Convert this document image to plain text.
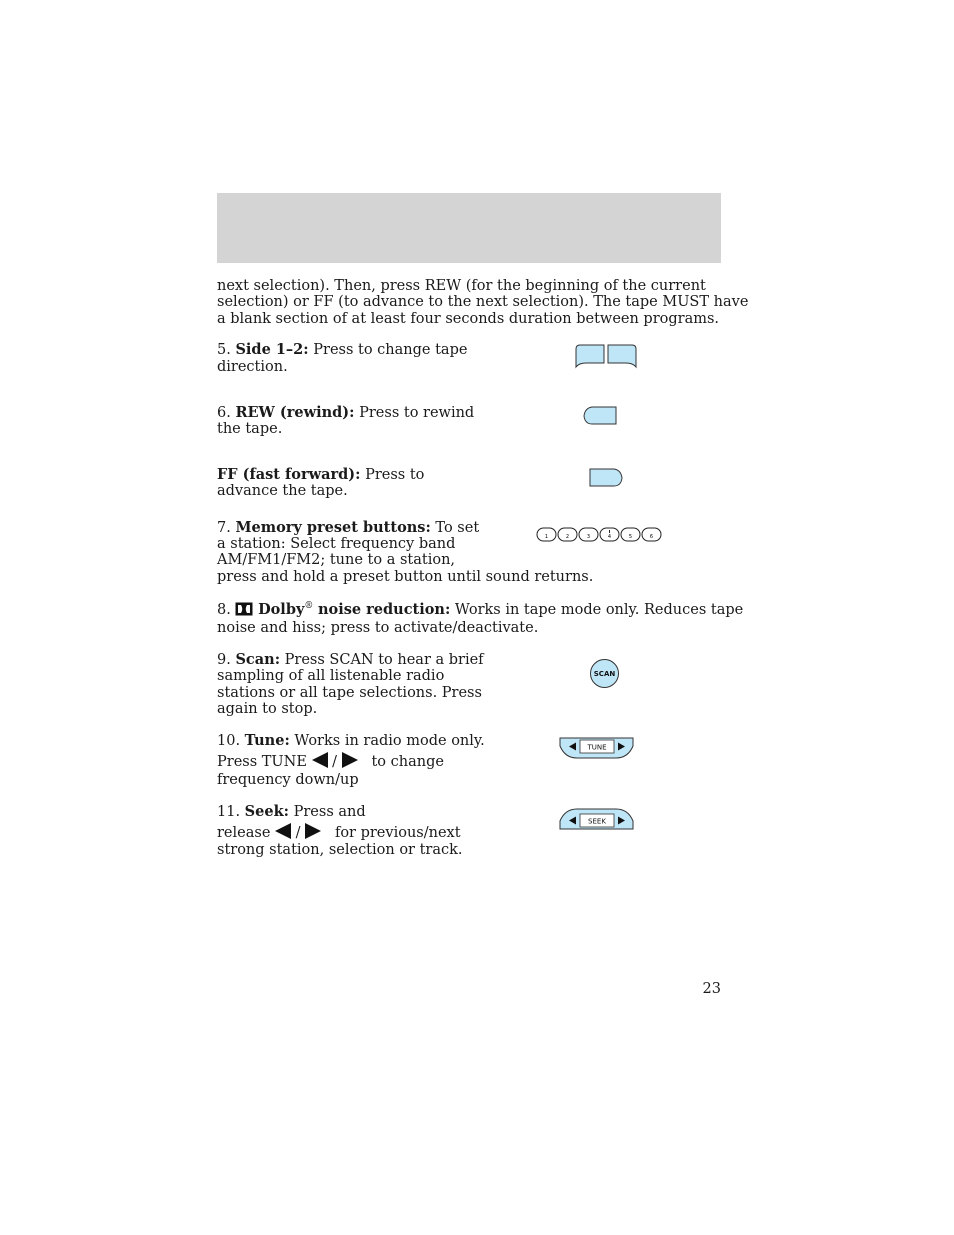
next selection). Then, press REW (for the beginning of the current
selection) or FF (to advance to the next selection). The tape MUST have
a blank section of at least four seconds duration between programs.
5. Side 1–2: Press to change tape
direction.
6. REW (rewind): Press to rewind
the tape.
FF (fast forward): Press to
advance the tape.
7. Memory preset buttons: To set
a station: Select frequency band
AM/FM1/FM2; tune to a station,
press and hold a preset button until sound returns.
1	2	3	4	5	6
8. Dolby® noise reduction: Works in tape mode only. Reduces tape
noise and hiss; press to activate/deactivate.
9. Scan: Press SCAN to hear a brief
sampling of all listenable radio
stations or all tape selections. Press
again to stop.
SCAN
10. Tune: Works in radio mode only.
Press TUNE / to change
frequency down/up
TUNE
11. Seek: Press and
release / for previous/next
strong station, selection or track.
SEEK
23
